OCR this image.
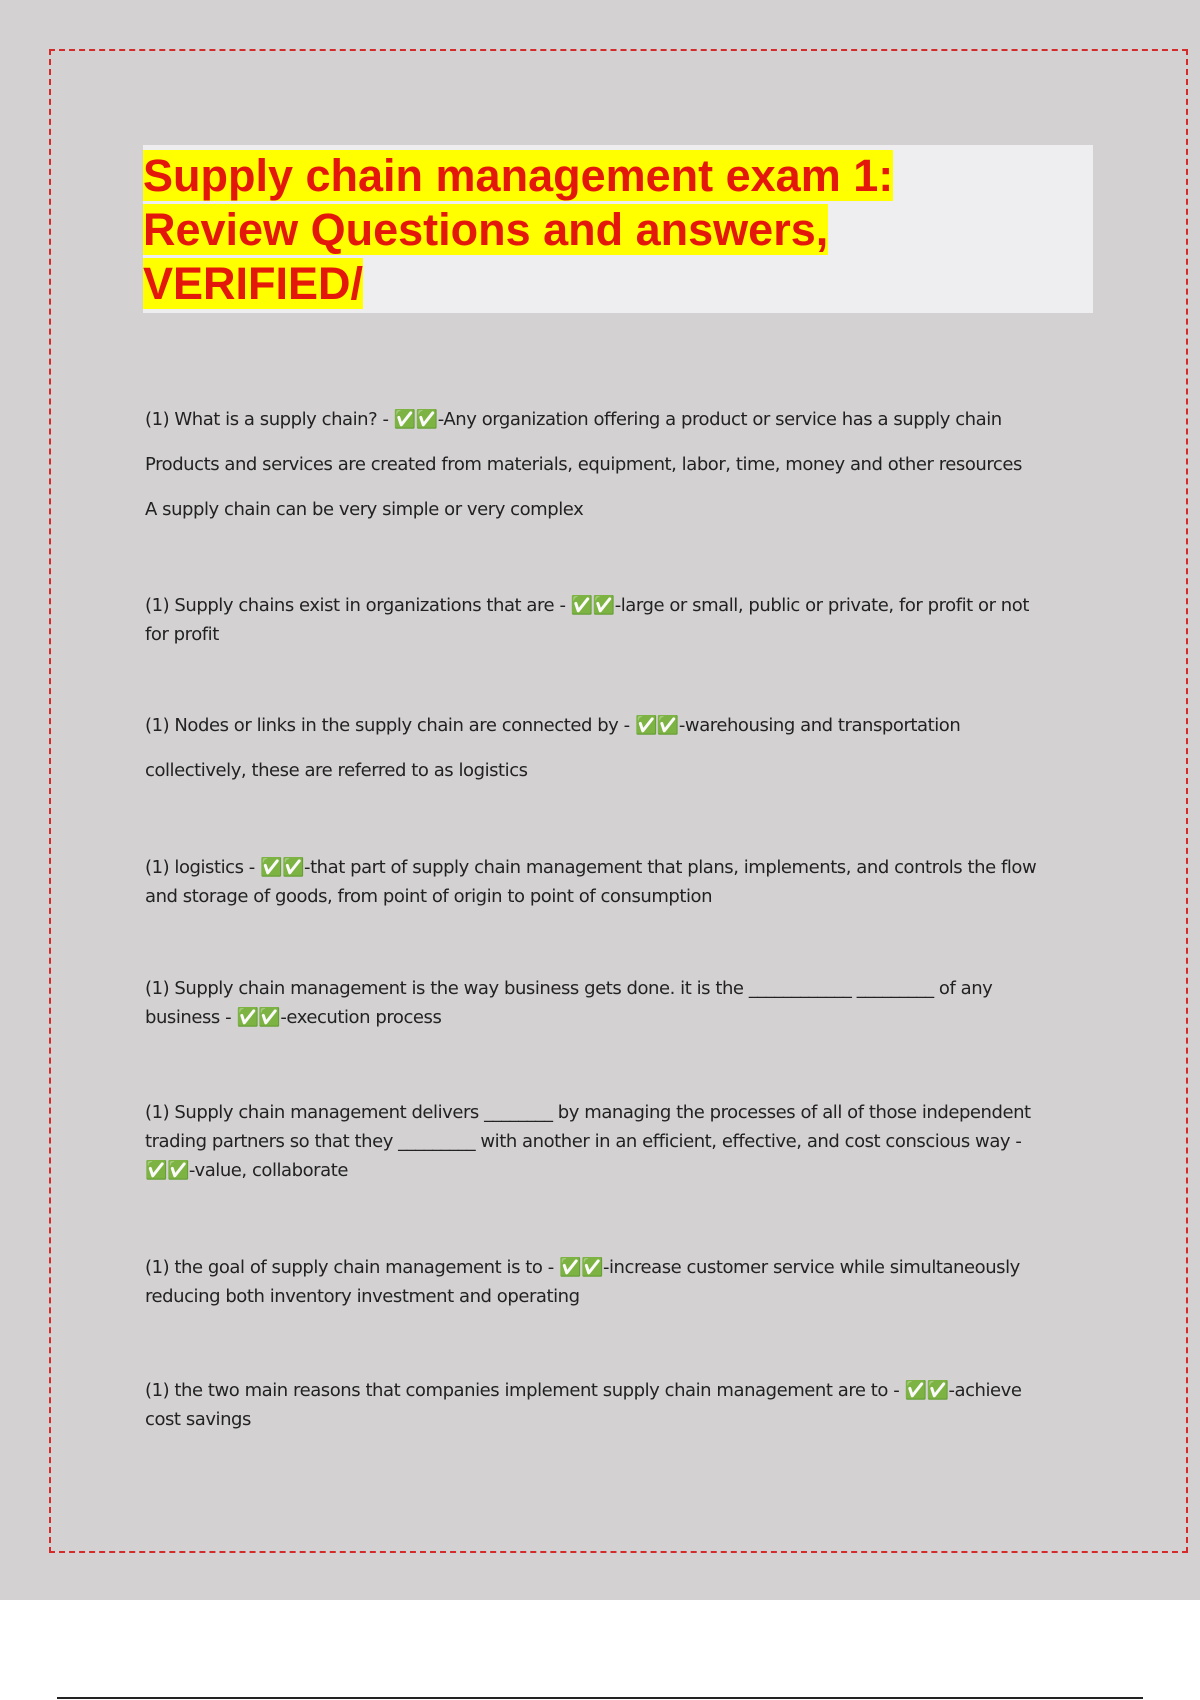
Supply chain management exam 1:
Review Questions and answers,
VERIFIED/
(1) What is a supply chain? - ✅✅-Any organization offering a product or service has a supply chain
Products and services are created from materials, equipment, labor, time, money and other resources
A supply chain can be very simple or very complex
(1) Supply chains exist in organizations that are - ✅✅-large or small, public or private, for profit or not
for profit
(1) Nodes or links in the supply chain are connected by - ✅✅-warehousing and transportation
collectively, these are referred to as logistics
(1) logistics - ✅✅-that part of supply chain management that plans, implements, and controls the flow
and storage of goods, from point of origin to point of consumption
(1) Supply chain management is the way business gets done. it is the ____________ _________ of any
business - ✅✅-execution process
(1) Supply chain management delivers ________ by managing the processes of all of those independent
trading partners so that they _________ with another in an efficient, effective, and cost conscious way -
✅✅-value, collaborate
(1) the goal of supply chain management is to - ✅✅-increase customer service while simultaneously
reducing both inventory investment and operating
(1) the two main reasons that companies implement supply chain management are to - ✅✅-achieve
cost savings
